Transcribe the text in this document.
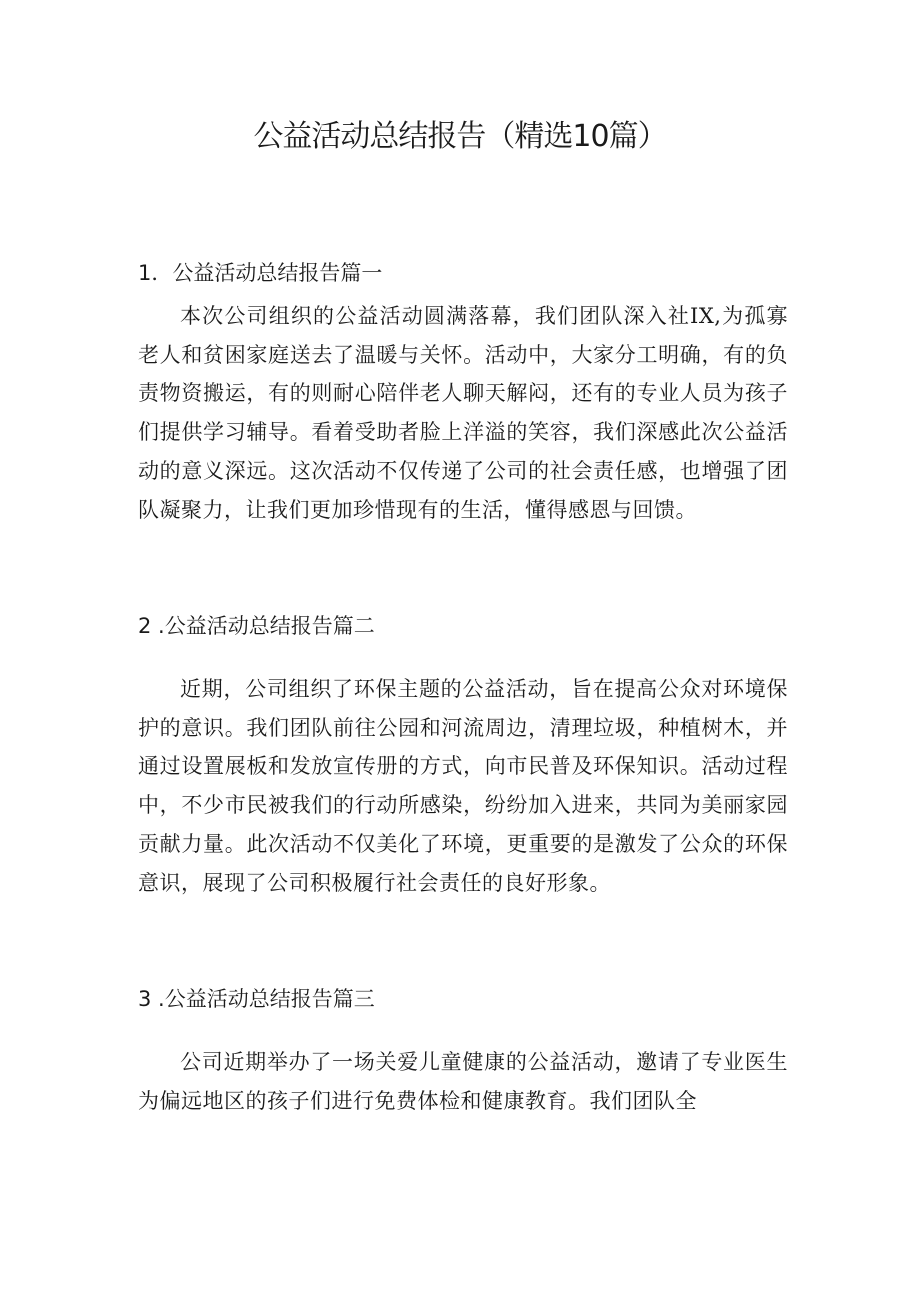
公益活动总结报告（精选10篇）
1．公益活动总结报告篇一

本次公司组织的公益活动圆满落幕，我们团队深入社IX,为孤寡老人和贫困家庭送去了温暖与关怀。活动中，大家分工明确，有的负责物资搬运，有的则耐心陪伴老人聊天解闷，还有的专业人员为孩子们提供学习辅导。看着受助者脸上洋溢的笑容，我们深感此次公益活动的意义深远。这次活动不仅传递了公司的社会责任感，也增强了团队凝聚力，让我们更加珍惜现有的生活，懂得感恩与回馈。

2 .公益活动总结报告篇二

近期，公司组织了环保主题的公益活动，旨在提高公众对环境保护的意识。我们团队前往公园和河流周边，清理垃圾，种植树木，并通过设置展板和发放宣传册的方式，向市民普及环保知识。活动过程中，不少市民被我们的行动所感染，纷纷加入进来，共同为美丽家园贡献力量。此次活动不仅美化了环境，更重要的是激发了公众的环保意识，展现了公司积极履行社会责任的良好形象。

3 .公益活动总结报告篇三

公司近期举办了一场关爱儿童健康的公益活动，邀请了专业医生为偏远地区的孩子们进行免费体检和健康教育。我们团队全
